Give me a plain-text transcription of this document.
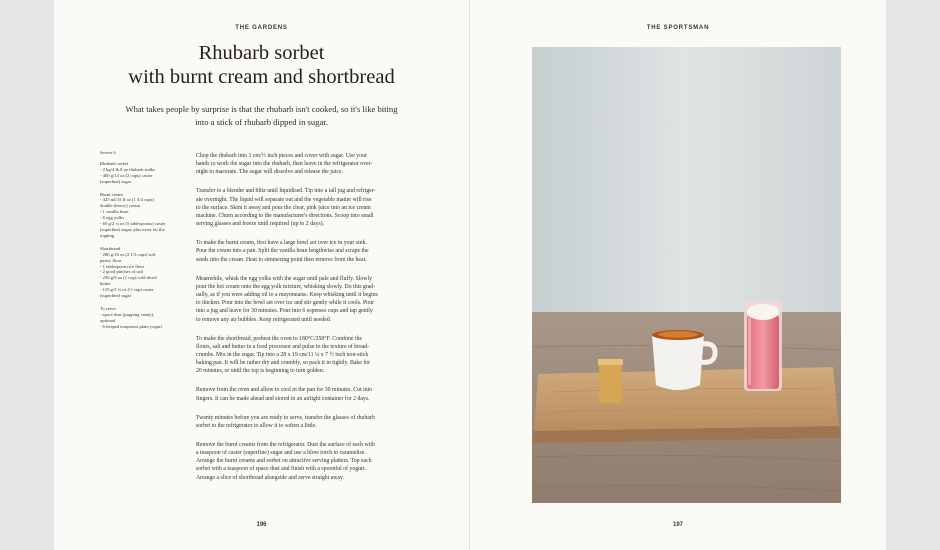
THE GARDENS
Rhubarb sorbet
with burnt cream and shortbread
What takes people by surprise is that the rhubarb isn't cooked, so it's like biting
into a stick of rhubarb dipped in sugar.
Serves 6
Rhubarb sorbet
- 2 kg/4 lb 8 oz rhubarb stalks
- 400 g/14 oz (2 cups) caster
(superfine) sugar
Burnt cream
- 425 ml/15 fl oz (1 3/4 cups)
double (heavy) cream
- 1 vanilla bean
- 6 egg yolks
- 60 g/2 ¼ oz (5 tablespoons) caster
(superfine) sugar, plus extra for the
topping
Shortbread
- 280 g/10 oz (2 1/3 cups) soft
pastry flour
- 1 tablespoon rice flour
- 2 good pinches of salt
- 250 g/9 oz (1 cup) cold diced
butter
- 110 g/3 ¾ oz (½ cup) caster
(superfine) sugar
To serve
- space dust (popping candy),
optional
- 6 heaped teaspoons plain yogurt

Chop the rhubarb into 1 cm/½ inch pieces and cover with sugar. Use your
hands to work the sugar into the rhubarb, then leave in the refrigerator over-
night to macerate. The sugar will dissolve and release the juice.

Transfer to a blender and blitz until liquidised. Tip into a tall jug and refriger-
ate overnight. The liquid will separate out and the vegetable matter will rise
to the surface. Skim it away and pour the clear, pink juice into an ice cream
machine. Churn according to the manufacturer's directions. Scoop into small
serving glasses and freeze until required (up to 2 days).

To make the burnt cream, first have a large bowl set over ice in your sink.
Pour the cream into a pan. Split the vanilla bean lengthwise and scrape the
seeds into the cream. Heat to simmering point then remove from the heat.

Meanwhile, whisk the egg yolks with the sugar until pale and fluffy. Slowly
pour the hot cream onto the egg yolk mixture, whisking slowly. Do this grad-
ually, as if you were adding oil to a mayonnaise. Keep whisking until it begins
to thicken. Pour into the bowl set over ice and stir gently while it cools. Pour
into a jug and leave for 30 minutes. Pour into 6 espresso cups and tap gently
to remove any air bubbles. Keep refrigerated until needed.

To make the shortbread, preheat the oven to 180°C/350°F. Combine the
flours, salt and butter in a food processor and pulse to the texture of bread-
crumbs. Mix in the sugar. Tip into a 28 x 19 cm/11 ¼ x 7 ½ inch non-stick
baking pan. It will be rather dry and crumbly, so pack it in tightly. Bake for
20 minutes, or until the top is beginning to turn golden.

Remove from the oven and allow to cool in the pan for 30 minutes. Cut into
fingers. It can be made ahead and stored in an airtight container for 2 days.

Twenty minutes before you are ready to serve, transfer the glasses of rhubarb
sorbet to the refrigerator to allow it to soften a little.

Remove the burnt creams from the refrigerator. Dust the surface of each with
a teaspoon of caster (superfine) sugar and use a blow torch to caramelise.
Arrange the burnt creams and sorbet on attractive serving platters. Top each
sorbet with a teaspoon of space dust and finish with a spoonful of yogurt.
Arrange a slice of shortbread alongside and serve straight away.

196
THE SPORTSMAN
197
